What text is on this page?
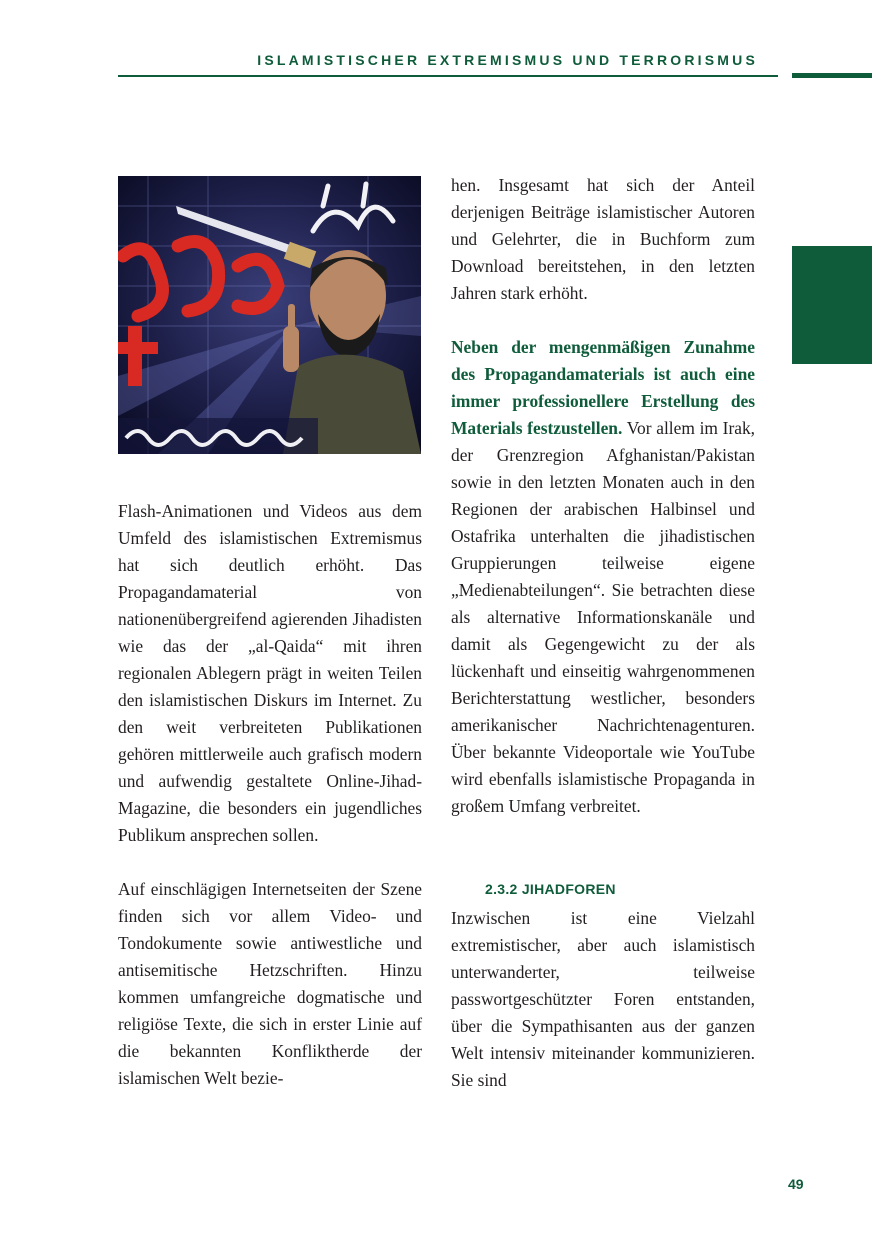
ISLAMISTISCHER EXTREMISMUS UND TERRORISMUS

Flash-Animationen und Videos aus dem Umfeld des islamistischen Extremismus hat sich deutlich erhöht. Das Propagandamaterial von nationenübergreifend agierenden Jihadisten wie das der „al-Qaida“ mit ihren regionalen Ablegern prägt in weiten Teilen den islamistischen Diskurs im Internet. Zu den weit verbreiteten Publikationen gehören mittlerweile auch grafisch modern und aufwendig gestaltete Online-Jihad-Magazine, die besonders ein jugendliches Publikum ansprechen sollen.

Auf einschlägigen Internetseiten der Szene finden sich vor allem Video- und Tondokumente sowie antiwestliche und antisemitische Hetzschriften. Hinzu kommen umfangreiche dogmatische und religiöse Texte, die sich in erster Linie auf die bekannten Konfliktherde der islamischen Welt bezie-

hen. Insgesamt hat sich der Anteil derjenigen Beiträge islamistischer Autoren und Gelehrter, die in Buchform zum Download bereitstehen, in den letzten Jahren stark erhöht.

Neben der mengenmäßigen Zunahme des Propagandamaterials ist auch eine immer professionellere Erstellung des Materials festzustellen. Vor allem im Irak, der Grenzregion Afghanistan/Pakistan sowie in den letzten Monaten auch in den Regionen der arabischen Halbinsel und Ostafrika unterhalten die jihadistischen Gruppierungen teilweise eigene „Medienabteilungen“. Sie betrachten diese als alternative Informationskanäle und damit als Gegengewicht zu der als lückenhaft und einseitig wahrgenommenen Berichterstattung westlicher, besonders amerikanischer Nachrichtenagenturen. Über bekannte Videoportale wie YouTube wird ebenfalls islamistische Propaganda in großem Umfang verbreitet.

2.3.2 JIHADFOREN

Inzwischen ist eine Vielzahl extremistischer, aber auch islamistisch unterwanderter, teilweise passwortgeschützter Foren entstanden, über die Sympathisanten aus der ganzen Welt intensiv miteinander kommunizieren. Sie sind

49
